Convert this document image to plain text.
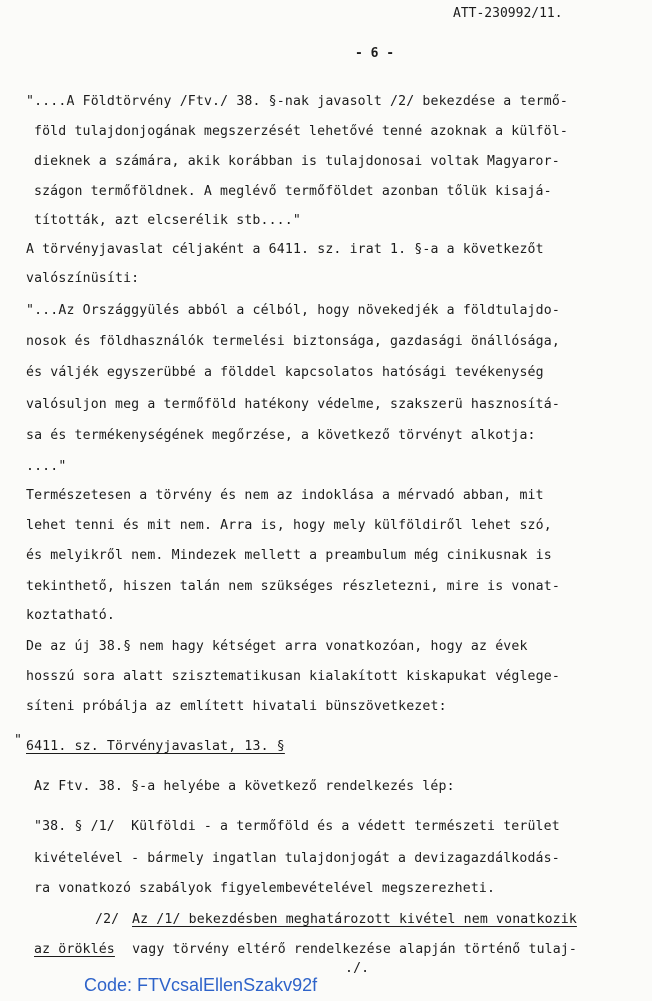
ATT-230992/11.
- 6 -
"....A Földtörvény /Ftv./ 38. §-nak javasolt /2/ bekezdése a termő-
föld tulajdonjogának megszerzését lehetővé tenné azoknak a külföl-
dieknek a számára, akik korábban is tulajdonosai voltak Magyaror-
szágon termőföldnek. A meglévő termőföldet azonban tőlük kisajá-
tították, azt elcserélik stb...."
A törvényjavaslat céljaként a 6411. sz. irat 1. §-a a következőt
valószínüsíti:
"...Az Országgyülés abból a célból, hogy növekedjék a földtulajdo-
nosok és földhasználók termelési biztonsága, gazdasági önállósága,
és váljék egyszerübbé a földdel kapcsolatos hatósági tevékenység
valósuljon meg a termőföld hatékony védelme, szakszerü hasznosítá-
sa és termékenységének megőrzése, a következő törvényt alkotja:
...."
Természetesen a törvény és nem az indoklása a mérvadó abban, mit
lehet tenni és mit nem. Arra is, hogy mely külföldiről lehet szó,
és melyikről nem. Mindezek mellett a preambulum még cinikusnak is
tekinthető, hiszen talán nem szükséges részletezni, mire is vonat-
koztatható.
De az új 38.§ nem hagy kétséget arra vonatkozóan, hogy az évek
hosszú sora alatt szisztematikusan kialakított kiskapukat véglege-
síteni próbálja az említett hivatali bünszövetkezet:
" 6411. sz. Törvényjavaslat, 13. §
Az Ftv. 38. §-a helyébe a következő rendelkezés lép:
"38. § /1/  Külföldi - a termőföld és a védett természeti terület
kivételével - bármely ingatlan tulajdonjogát a devizagazdálkodás-
ra vonatkozó szabályok figyelembevételével megszerezheti.
/2/ Az /1/ bekezdésben meghatározott kivétel nem vonatkozik
az öröklés vagy törvény eltérő rendelkezése alapján történő tulaj-
./.
Code: FTVcsalEllenSzakv92f
